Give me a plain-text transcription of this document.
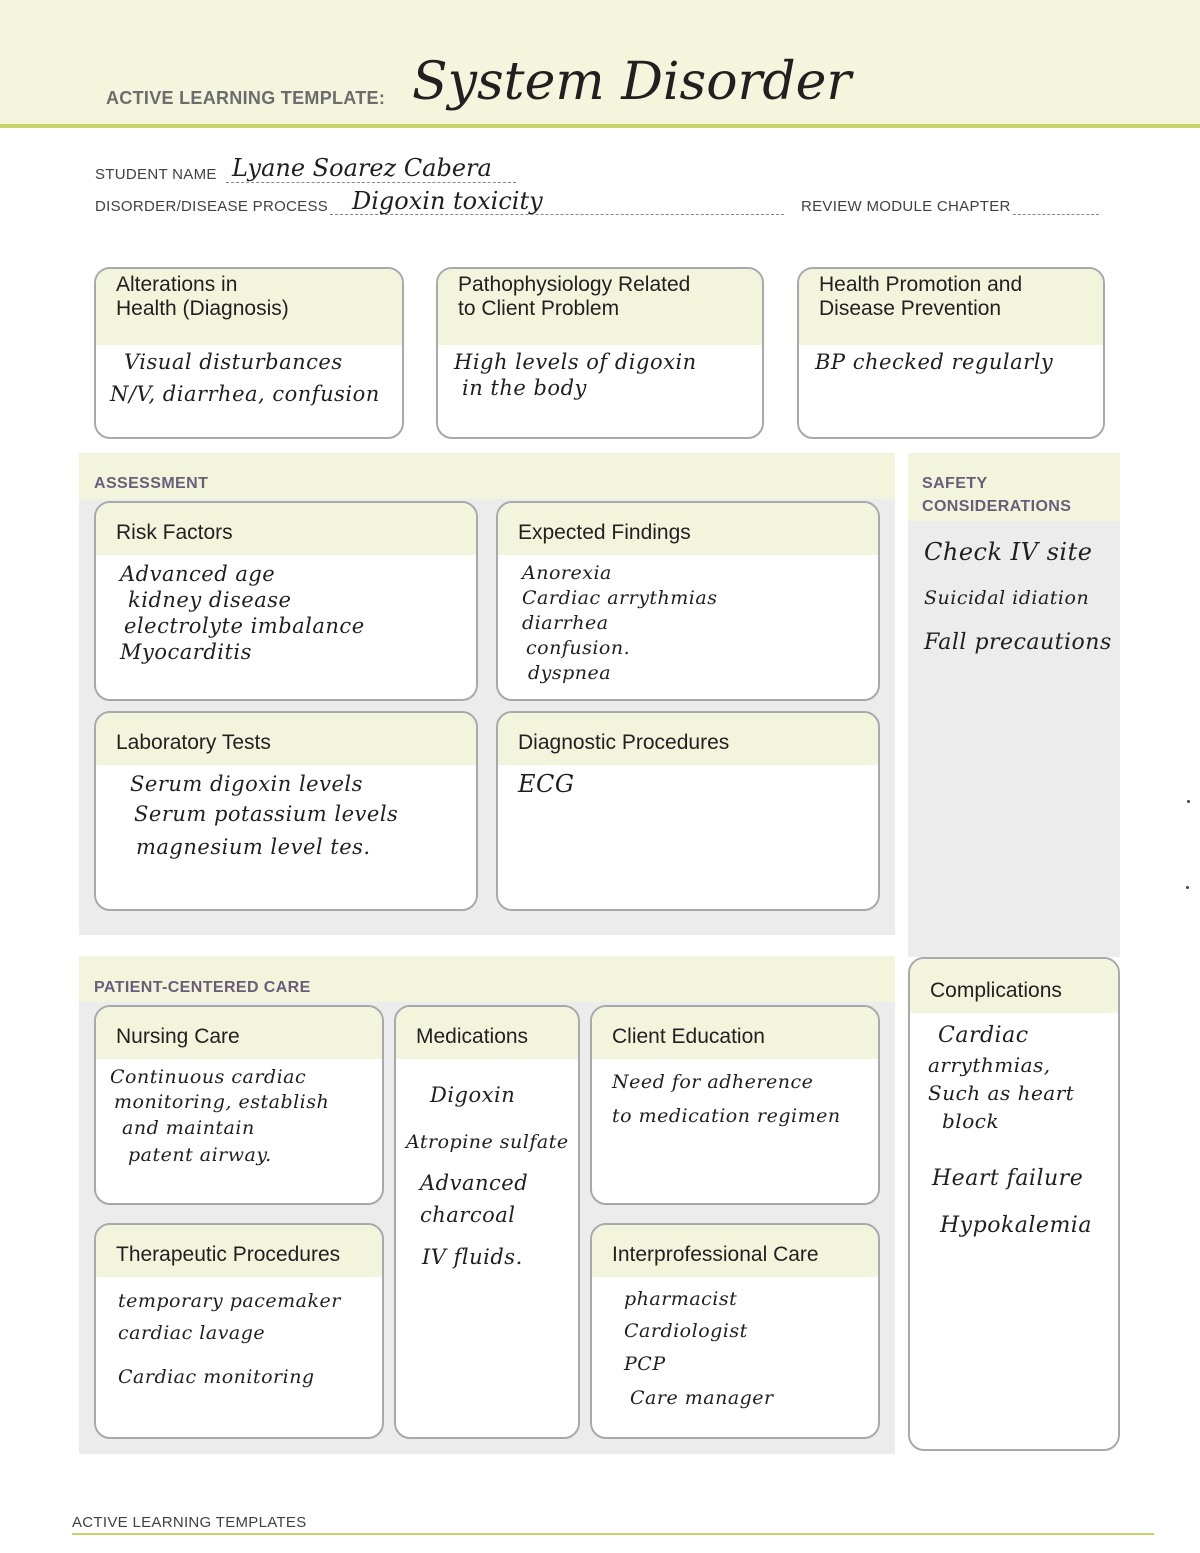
ACTIVE LEARNING TEMPLATE: System Disorder
STUDENT NAME Lyane Soarez Cabera
DISORDER/DISEASE PROCESS Digoxin toxicity	REVIEW MODULE CHAPTER
Alterations in
Health (Diagnosis)
Visual disturbances
N/V, diarrhea, confusion
Pathophysiology Related
to Client Problem
High levels of digoxin
in the body
Health Promotion and
Disease Prevention
BP checked regularly
ASSESSMENT
Risk Factors
Advanced age
kidney disease
electrolyte imbalance
Myocarditis
Expected Findings
Anorexia
Cardiac arrythmias
diarrhea
confusion.
dyspnea
Laboratory Tests
Serum digoxin levels
Serum potassium levels
magnesium level tes.
Diagnostic Procedures
ECG
SAFETY
CONSIDERATIONS
Check IV site
Suicidal idiation
Fall precautions
PATIENT-CENTERED CARE
Nursing Care
Continuous cardiac
monitoring, establish
and maintain
patent airway.
Medications
Digoxin
Atropine sulfate
Advanced
charcoal
IV fluids.
Client Education
Need for adherence
to medication regimen
Therapeutic Procedures
temporary pacemaker
cardiac lavage
Cardiac monitoring
Interprofessional Care
pharmacist
Cardiologist
PCP
Care manager
Complications
Cardiac
arrythmias,
Such as heart
block
Heart failure
Hypokalemia
ACTIVE LEARNING TEMPLATES
